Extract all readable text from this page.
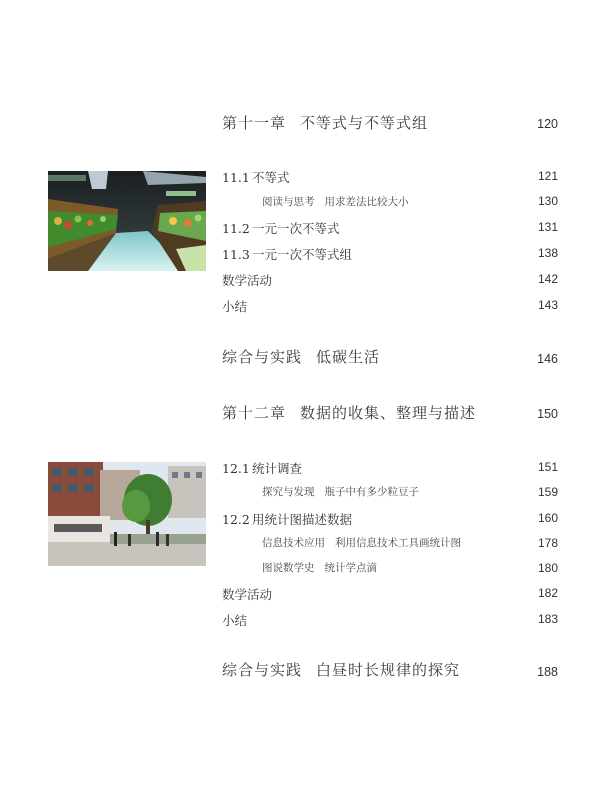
第十一章 不等式与不等式组	120
11.1 不等式	121
阅读与思考 用求差法比较大小	130
11.2 一元一次不等式	131
11.3 一元一次不等式组	138
数学活动	142
小结	143
综合与实践 低碳生活	146
第十二章 数据的收集、整理与描述	150
12.1 统计调查	151
探究与发现 瓶子中有多少粒豆子	159
12.2 用统计图描述数据	160
信息技术应用 利用信息技术工具画统计图	178
图说数学史 统计学点滴	180
数学活动	182
小结	183
综合与实践 白昼时长规律的探究	188
